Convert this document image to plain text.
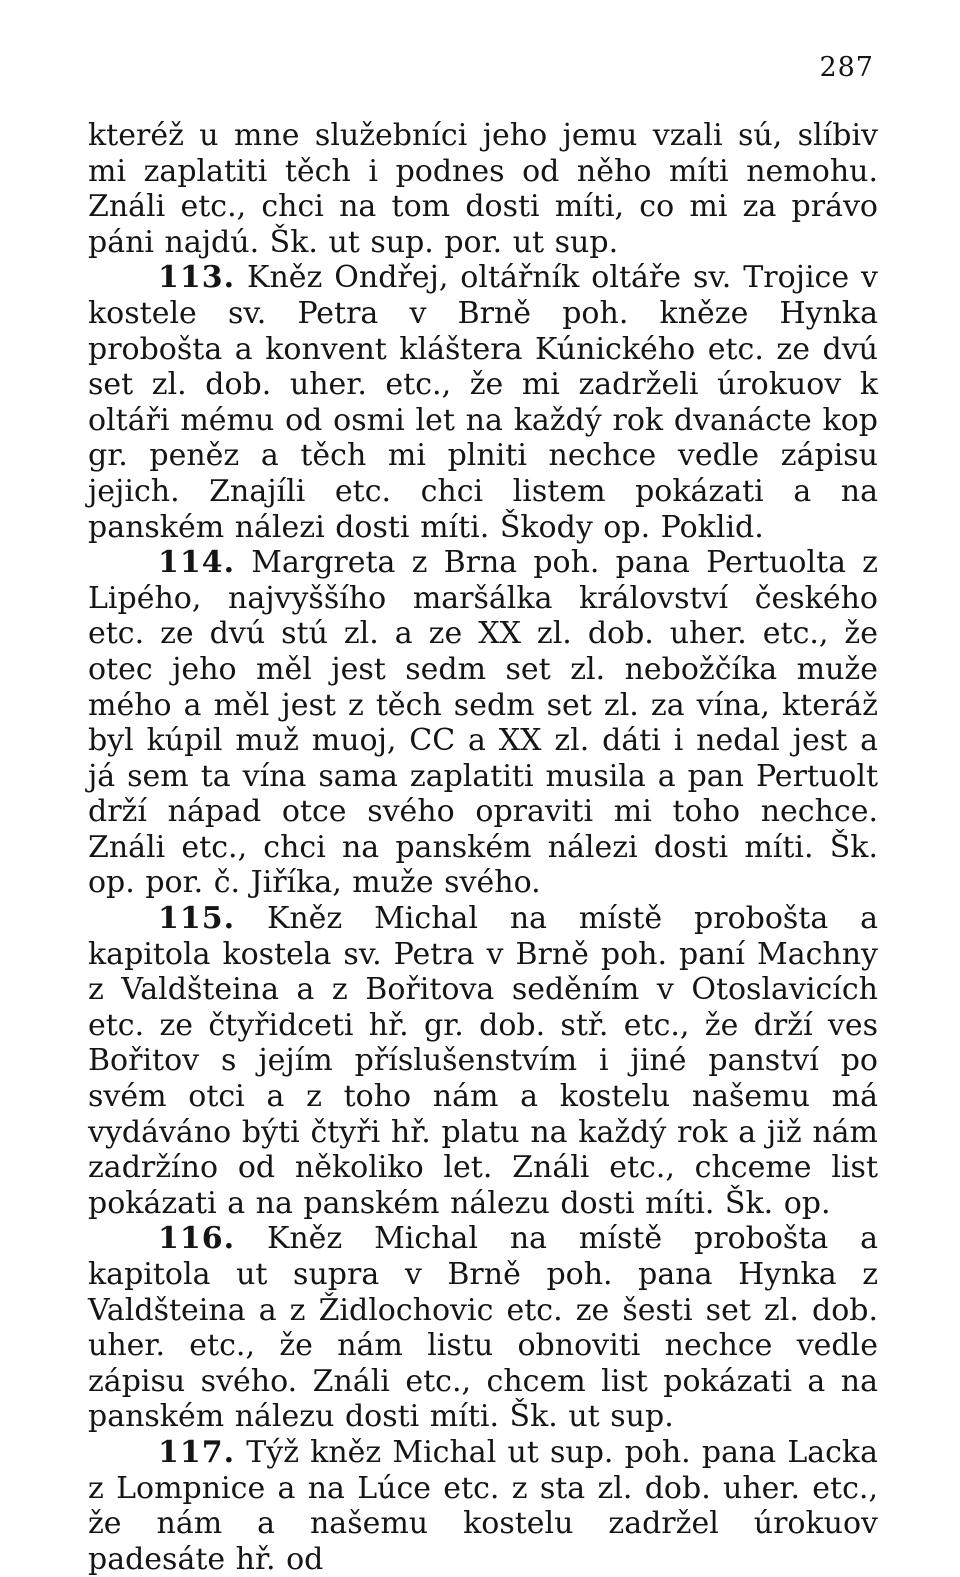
287

kteréž u mne služebníci jeho jemu vzali sú, slíbiv mi zaplatiti těch i podnes od něho míti nemohu. Ználi etc., chci na tom dosti míti, co mi za právo páni najdú. Šk. ut sup. por. ut sup.

113. Kněz Ondřej, oltářník oltáře sv. Trojice v kostele sv. Petra v Brně poh. kněze Hynka probošta a konvent kláštera Kúnického etc. ze dvú set zl. dob. uher. etc., že mi zadrželi úrokuov k oltáři mému od osmi let na každý rok dvanácte kop gr. peněz a těch mi plniti nechce vedle zápisu jejich. Znajíli etc. chci listem pokázati a na panském nálezi dosti míti. Škody op. Poklid.

114. Margreta z Brna poh. pana Pertuolta z Lipého, najvyššího maršálka království českého etc. ze dvú stú zl. a ze XX zl. dob. uher. etc., že otec jeho měl jest sedm set zl. nebožčíka muže mého a měl jest z těch sedm set zl. za vína, kteráž byl kúpil muž muoj, CC a XX zl. dáti i nedal jest a já sem ta vína sama zaplatiti musila a pan Pertuolt drží nápad otce svého opraviti mi toho nechce. Ználi etc., chci na panském nálezi dosti míti. Šk. op. por. č. Jiříka, muže svého.

115. Kněz Michal na místě probošta a kapitola kostela sv. Petra v Brně poh. paní Machny z Valdšteina a z Bořitova seděním v Otoslavicích etc. ze čtyřidceti hř. gr. dob. stř. etc., že drží ves Bořitov s jejím příslušenstvím i jiné panství po svém otci a z toho nám a kostelu našemu má vydáváno býti čtyři hř. platu na každý rok a již nám zadržíno od několiko let. Ználi etc., chceme list pokázati a na panském nálezu dosti míti. Šk. op.

116. Kněz Michal na místě probošta a kapitola ut supra v Brně poh. pana Hynka z Valdšteina a z Židlochovic etc. ze šesti set zl. dob. uher. etc., že nám listu obnoviti nechce vedle zápisu svého. Ználi etc., chcem list pokázati a na panském nálezu dosti míti. Šk. ut sup.

117. Týž kněz Michal ut sup. poh. pana Lacka z Lompnice a na Lúce etc. z sta zl. dob. uher. etc., že nám a našemu kostelu zadržel úrokuov padesáte hř. od
